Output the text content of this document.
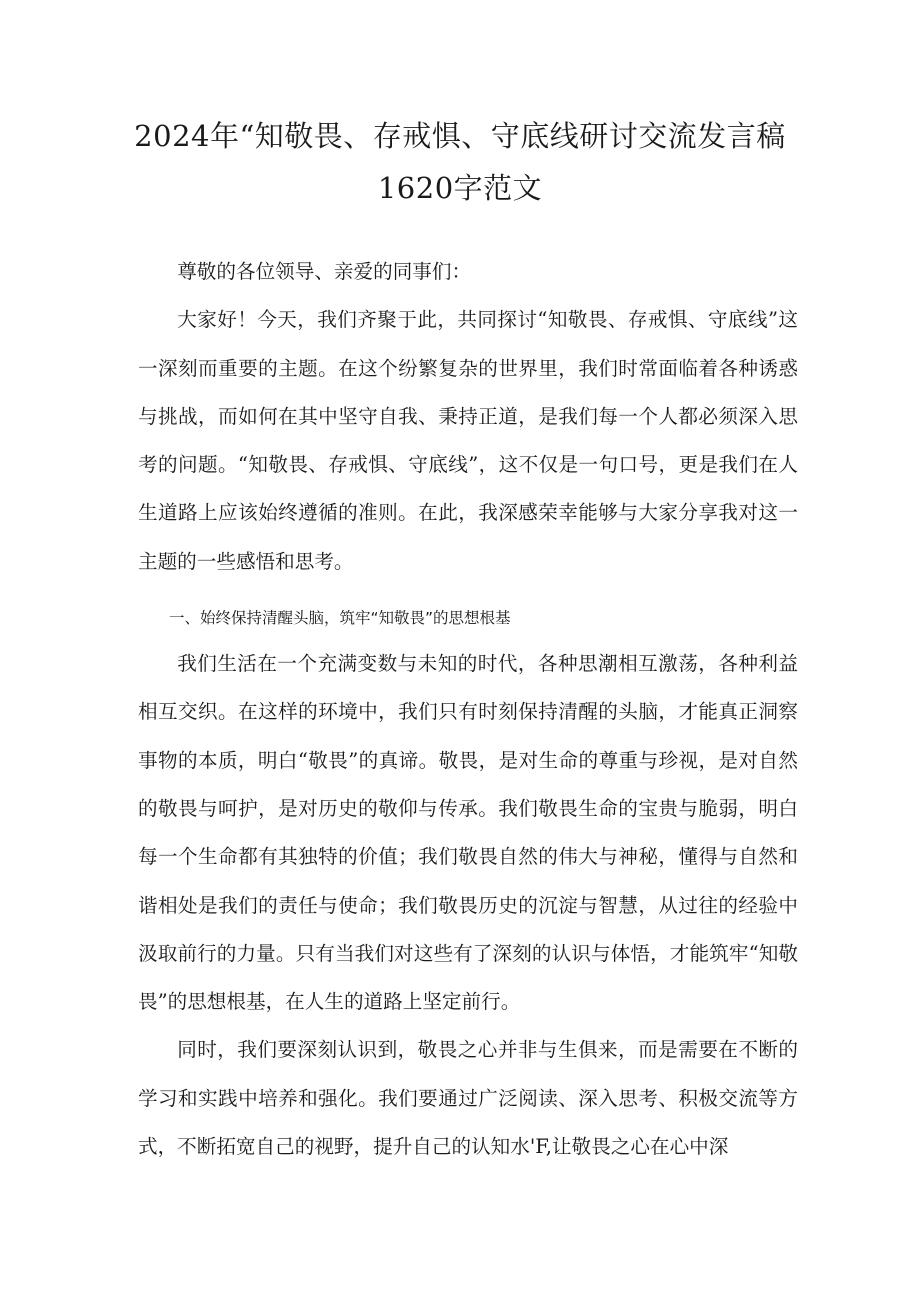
2024年“知敬畏、存戒惧、守底线研讨交流发言稿
1620字范文

尊敬的各位领导、亲爱的同事们：

大家好！今天，我们齐聚于此，共同探讨“知敬畏、存戒惧、守底线”这一深刻而重要的主题。在这个纷繁复杂的世界里，我们时常面临着各种诱惑与挑战，而如何在其中坚守自我、秉持正道，是我们每一个人都必须深入思考的问题。“知敬畏、存戒惧、守底线”，这不仅是一句口号，更是我们在人生道路上应该始终遵循的准则。在此，我深感荣幸能够与大家分享我对这一主题的一些感悟和思考。

一、始终保持清醒头脑，筑牢“知敬畏”的思想根基

我们生活在一个充满变数与未知的时代，各种思潮相互激荡，各种利益相互交织。在这样的环境中，我们只有时刻保持清醒的头脑，才能真正洞察事物的本质，明白“敬畏”的真谛。敬畏，是对生命的尊重与珍视，是对自然的敬畏与呵护，是对历史的敬仰与传承。我们敬畏生命的宝贵与脆弱，明白每一个生命都有其独特的价值；我们敬畏自然的伟大与神秘，懂得与自然和谐相处是我们的责任与使命；我们敬畏历史的沉淀与智慧，从过往的经验中汲取前行的力量。只有当我们对这些有了深刻的认识与体悟，才能筑牢“知敬畏”的思想根基，在人生的道路上坚定前行。

同时，我们要深刻认识到，敬畏之心并非与生俱来，而是需要在不断的学习和实践中培养和强化。我们要通过广泛阅读、深入思考、积极交流等方式，不断拓宽自己的视野，提升自己的认知水'F,让敬畏之心在心中深
